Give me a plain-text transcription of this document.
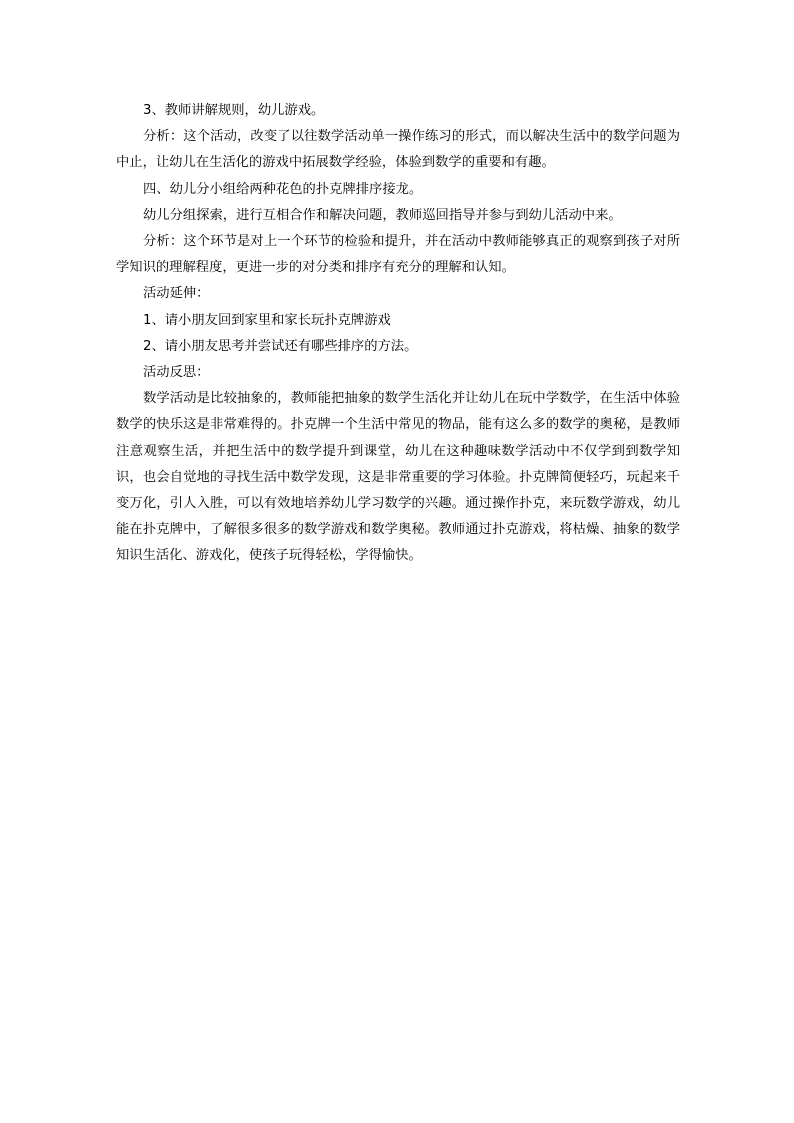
3、教师讲解规则，幼儿游戏。

分析：这个活动，改变了以往数学活动单一操作练习的形式，而以解决生活中的数学问题为中止，让幼儿在生活化的游戏中拓展数学经验，体验到数学的重要和有趣。

四、幼儿分小组给两种花色的扑克牌排序接龙。

幼儿分组探索，进行互相合作和解决问题，教师巡回指导并参与到幼儿活动中来。

分析：这个环节是对上一个环节的检验和提升，并在活动中教师能够真正的观察到孩子对所学知识的理解程度，更进一步的对分类和排序有充分的理解和认知。

活动延伸：

1、请小朋友回到家里和家长玩扑克牌游戏

2、请小朋友思考并尝试还有哪些排序的方法。

活动反思：

数学活动是比较抽象的，教师能把抽象的数学生活化并让幼儿在玩中学数学，在生活中体验数学的快乐这是非常难得的。扑克牌一个生活中常见的物品，能有这么多的数学的奥秘，是教师注意观察生活，并把生活中的数学提升到课堂，幼儿在这种趣味数学活动中不仅学到到数学知识，也会自觉地的寻找生活中数学发现，这是非常重要的学习体验。扑克牌简便轻巧，玩起来千变万化，引人入胜，可以有效地培养幼儿学习数学的兴趣。通过操作扑克，来玩数学游戏，幼儿能在扑克牌中，了解很多很多的数学游戏和数学奥秘。教师通过扑克游戏，将枯燥、抽象的数学知识生活化、游戏化，使孩子玩得轻松，学得愉快。
